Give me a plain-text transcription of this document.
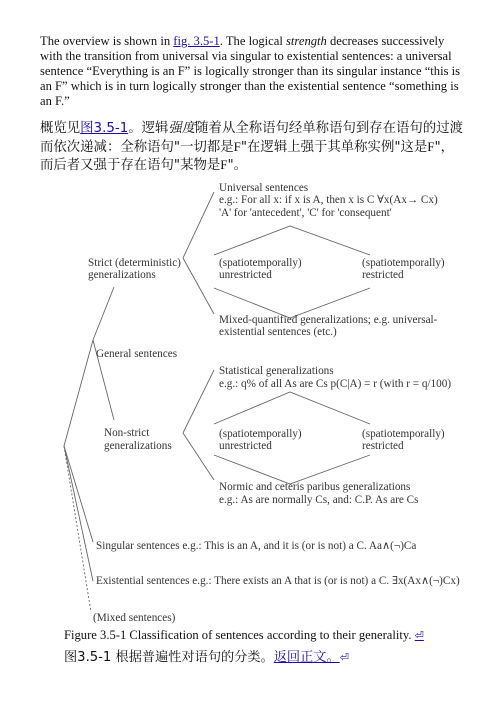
The overview is shown in fig. 3.5-1. The logical strength decreases successively with the transition from universal via singular to existential sentences: a universal sentence “Everything is an F” is logically stronger than its singular instance “this is an F” which is in turn logically stronger than the existential sentence “something is an F.”

概览见图3.5-1。逻辑强度随着从全称语句经单称语句到存在语句的过渡而依次递减：全称语句"一切都是F"在逻辑上强于其单称实例"这是F"，而后者又强于存在语句"某物是F"。

Universal sentences
e.g.: For all x: if x is A, then x is C ∀x(Ax→ Cx)
'A' for 'antecedent', 'C' for 'consequent'
Strict (deterministic)
generalizations
(spatiotemporally)
unrestricted
(spatiotemporally)
restricted
Mixed-quantified generalizations; e.g. universal-
existential sentences (etc.)
General sentences
Statistical generalizations
e.g.: q% of all As are Cs p(C|A) = r (with r = q/100)
Non-strict
generalizations
(spatiotemporally)
unrestricted
(spatiotemporally)
restricted
Normic and ceteris paribus generalizations
e.g.: As are normally Cs, and: C.P. As are Cs
Singular sentences e.g.: This is an A, and it is (or is not) a C. Aa∧(¬)Ca
Existential sentences e.g.: There exists an A that is (or is not) a C. ∃x(Ax∧(¬)Cx)
(Mixed sentences)

Figure 3.5-1 Classification of sentences according to their generality. ⏎

图3.5-1 根据普遍性对语句的分类。返回正文。⏎
